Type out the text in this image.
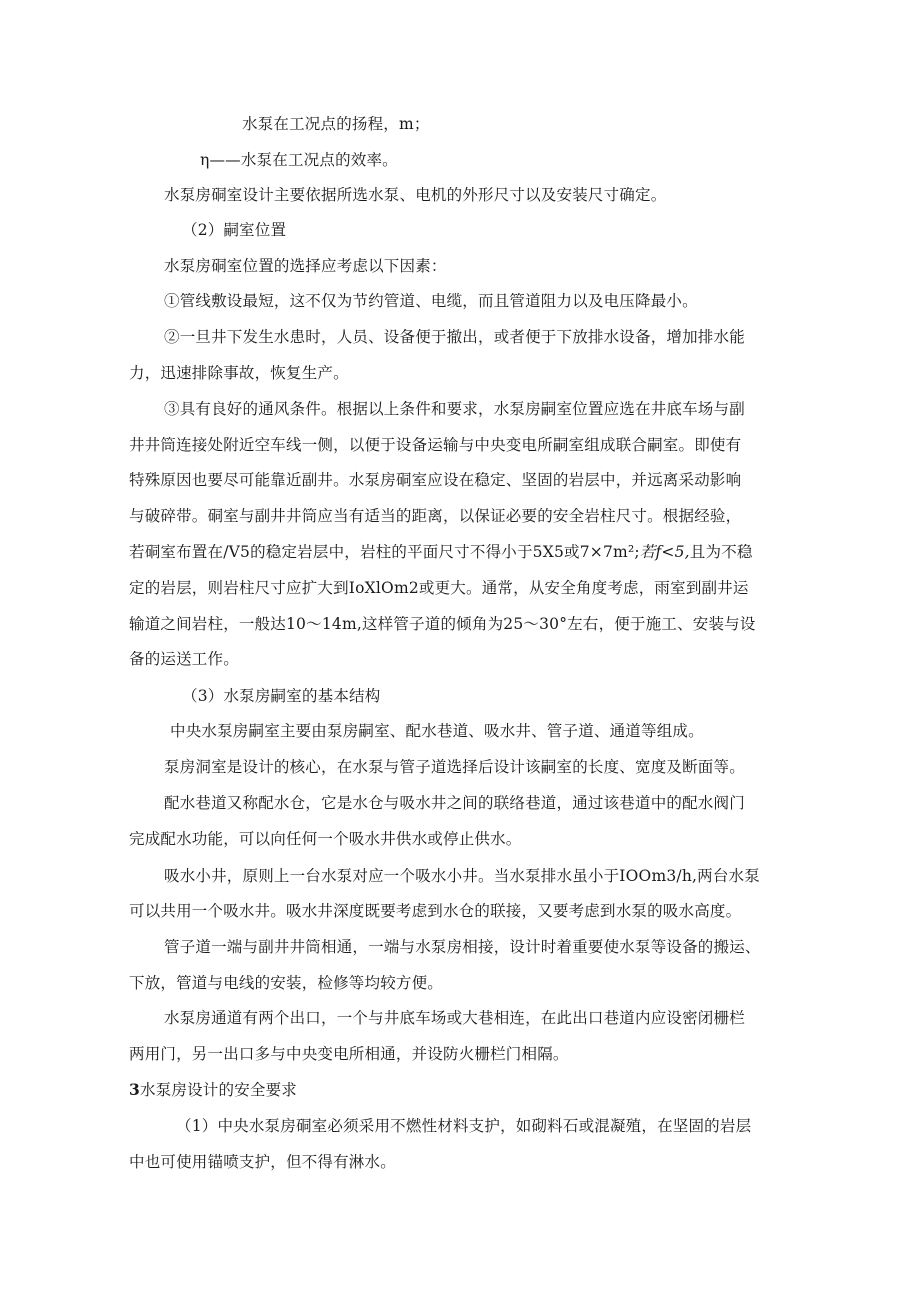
水泵在工况点的扬程，m；
η——水泵在工况点的效率。
水泵房硐室设计主要依据所选水泵、电机的外形尺寸以及安装尺寸确定。
（2）嗣室位置
水泵房硐室位置的选择应考虑以下因素：
①管线敷设最短，这不仅为节约管道、电缆，而且管道阻力以及电压降最小。
②一旦井下发生水患时，人员、设备便于撤出，或者便于下放排水设备，增加排水能
力，迅速排除事故，恢复生产。
③具有良好的通风条件。根据以上条件和要求，水泵房嗣室位置应选在井底车场与副
井井筒连接处附近空车线一侧，以便于设备运输与中央变电所嗣室组成联合嗣室。即使有
特殊原因也要尽可能靠近副井。水泵房硐室应设在稳定、坚固的岩层中，并远离采动影响
与破碎带。硐室与副井井筒应当有适当的距离，以保证必要的安全岩柱尺寸。根据经验，
若硐室布置在/V5的稳定岩层中，岩柱的平面尺寸不得小于5X5或7×7m²;若f<5,且为不稳
定的岩层，则岩柱尺寸应扩大到IoXlOm2或更大。通常，从安全角度考虑，雨室到副井运
输道之间岩柱，一般达10～14m,这样管子道的倾角为25～30°左右，便于施工、安装与设
备的运送工作。
（3）水泵房嗣室的基本结构
中央水泵房嗣室主要由泵房嗣室、配水巷道、吸水井、管子道、通道等组成。
泵房洞室是设计的核心，在水泵与管子道选择后设计该嗣室的长度、宽度及断面等。
配水巷道又称配水仓，它是水仓与吸水井之间的联络巷道，通过该巷道中的配水阀门
完成配水功能，可以向任何一个吸水井供水或停止供水。
吸水小井，原则上一台水泵对应一个吸水小井。当水泵排水虽小于IOOm3/h,两台水泵
可以共用一个吸水井。吸水井深度既要考虑到水仓的联接，又要考虑到水泵的吸水高度。
管子道一端与副井井筒相通，一端与水泵房相接，设计时着重要使水泵等设备的搬运、
下放，管道与电线的安装，检修等均较方便。
水泵房通道有两个出口，一个与井底车场或大巷相连，在此出口巷道内应设密闭栅栏
两用门，另一出口多与中央变电所相通，并设防火栅栏门相隔。
3水泵房设计的安全要求
（1）中央水泵房硐室必须采用不燃性材料支护，如砌料石或混凝殖，在坚固的岩层
中也可使用锚喷支护，但不得有淋水。
